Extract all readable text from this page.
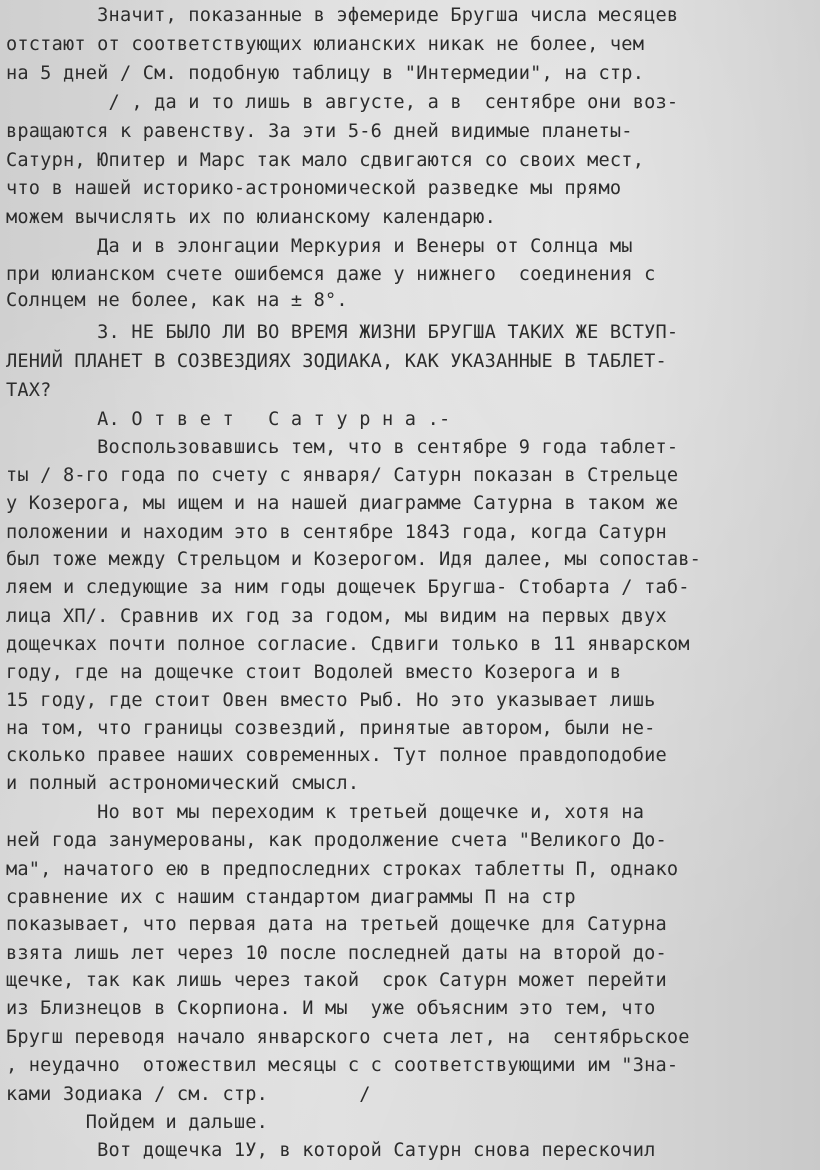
Значит, показанные в эфемериде Бругша числа месяцев
отстают от соответствующих юлианских никак не более, чем
на 5 дней / См. подобную таблицу в "Интермедии", на стр.
/ , да и то лишь в августе, а в  сентябре они воз-
вращаются к равенству. За эти 5-6 дней видимые планеты-
Сатурн, Юпитер и Марс так мало сдвигаются со своих мест,
что в нашей историко-астрономической разведке мы прямо
можем вычислять их по юлианскому календарю.
Да и в элонгации Меркурия и Венеры от Солнца мы
при юлианском счете ошибемся даже у нижнего  соединения с
Солнцем не более, как на ± 8°.
3. НЕ БЫЛО ЛИ ВО ВРЕМЯ ЖИЗНИ БРУГША ТАКИХ ЖЕ ВСТУП-
ЛЕНИЙ ПЛАНЕТ В СОЗВЕЗДИЯХ ЗОДИАКА, КАК УКАЗАННЫЕ В ТАБЛЕТ-
ТАХ?
А. О т в е т   С а т у р н а .-
Воспользовавшись тем, что в сентябре 9 года таблет-
ты / 8-го года по счету с января/ Сатурн показан в Стрельце
у Козерога, мы ищем и на нашей диаграмме Сатурна в таком же
положении и находим это в сентябре 1843 года, когда Сатурн
был тоже между Стрельцом и Козерогом. Идя далее, мы сопостав-
ляем и следующие за ним годы дощечек Бругша- Стобарта / таб-
лица ХП/. Сравнив их год за годом, мы видим на первых двух
дощечках почти полное согласие. Сдвиги только в 11 январском
году, где на дощечке стоит Водолей вместо Козерога и в
15 году, где стоит Овен вместо Рыб. Но это указывает лишь
на том, что границы созвездий, принятые автором, были не-
сколько правее наших современных. Тут полное правдоподобие
и полный астрономический смысл.
Но вот мы переходим к третьей дощечке и, хотя на
ней года занумерованы, как продолжение счета "Великого До-
ма", начатого ею в предпоследних строках таблетты П, однако
сравнение их с нашим стандартом диаграммы П на стр
показывает, что первая дата на третьей дощечке для Сатурна
взята лишь лет через 10 после последней даты на второй до-
щечке, так как лишь через такой  срок Сатурн может перейти
из Близнецов в Скорпиона. И мы  уже объясним это тем, что
Бругш переводя начало январского счета лет, на  сентябрьское
, неудачно  отожествил месяцы с с соответствующими им "Зна-
ками Зодиака / см. стр.        /
Пойдем и дальше.
Вот дощечка 1У, в которой Сатурн снова перескочил
